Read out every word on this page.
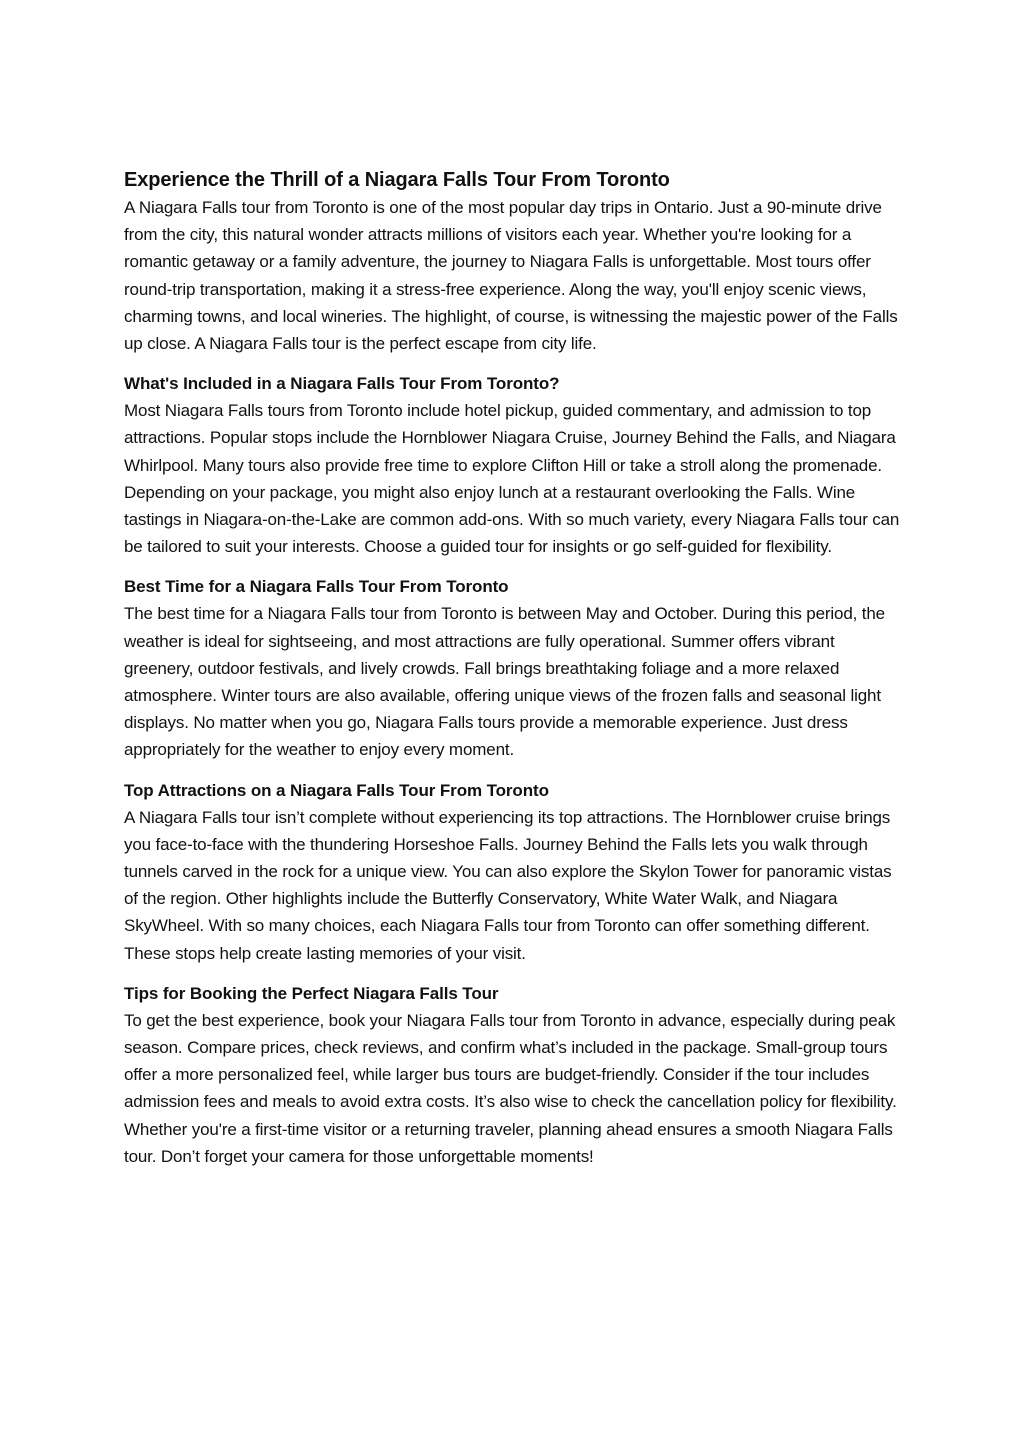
Experience the Thrill of a Niagara Falls Tour From Toronto

A Niagara Falls tour from Toronto is one of the most popular day trips in Ontario. Just a 90-minute drive from the city, this natural wonder attracts millions of visitors each year. Whether you're looking for a romantic getaway or a family adventure, the journey to Niagara Falls is unforgettable. Most tours offer round-trip transportation, making it a stress-free experience. Along the way, you'll enjoy scenic views, charming towns, and local wineries. The highlight, of course, is witnessing the majestic power of the Falls up close. A Niagara Falls tour is the perfect escape from city life.

What's Included in a Niagara Falls Tour From Toronto?

Most Niagara Falls tours from Toronto include hotel pickup, guided commentary, and admission to top attractions. Popular stops include the Hornblower Niagara Cruise, Journey Behind the Falls, and Niagara Whirlpool. Many tours also provide free time to explore Clifton Hill or take a stroll along the promenade. Depending on your package, you might also enjoy lunch at a restaurant overlooking the Falls. Wine tastings in Niagara-on-the-Lake are common add-ons. With so much variety, every Niagara Falls tour can be tailored to suit your interests. Choose a guided tour for insights or go self-guided for flexibility.

Best Time for a Niagara Falls Tour From Toronto

The best time for a Niagara Falls tour from Toronto is between May and October. During this period, the weather is ideal for sightseeing, and most attractions are fully operational. Summer offers vibrant greenery, outdoor festivals, and lively crowds. Fall brings breathtaking foliage and a more relaxed atmosphere. Winter tours are also available, offering unique views of the frozen falls and seasonal light displays. No matter when you go, Niagara Falls tours provide a memorable experience. Just dress appropriately for the weather to enjoy every moment.

Top Attractions on a Niagara Falls Tour From Toronto

A Niagara Falls tour isn’t complete without experiencing its top attractions. The Hornblower cruise brings you face-to-face with the thundering Horseshoe Falls. Journey Behind the Falls lets you walk through tunnels carved in the rock for a unique view. You can also explore the Skylon Tower for panoramic vistas of the region. Other highlights include the Butterfly Conservatory, White Water Walk, and Niagara SkyWheel. With so many choices, each Niagara Falls tour from Toronto can offer something different. These stops help create lasting memories of your visit.

Tips for Booking the Perfect Niagara Falls Tour

To get the best experience, book your Niagara Falls tour from Toronto in advance, especially during peak season. Compare prices, check reviews, and confirm what’s included in the package. Small-group tours offer a more personalized feel, while larger bus tours are budget-friendly. Consider if the tour includes admission fees and meals to avoid extra costs. It’s also wise to check the cancellation policy for flexibility. Whether you're a first-time visitor or a returning traveler, planning ahead ensures a smooth Niagara Falls tour. Don’t forget your camera for those unforgettable moments!
